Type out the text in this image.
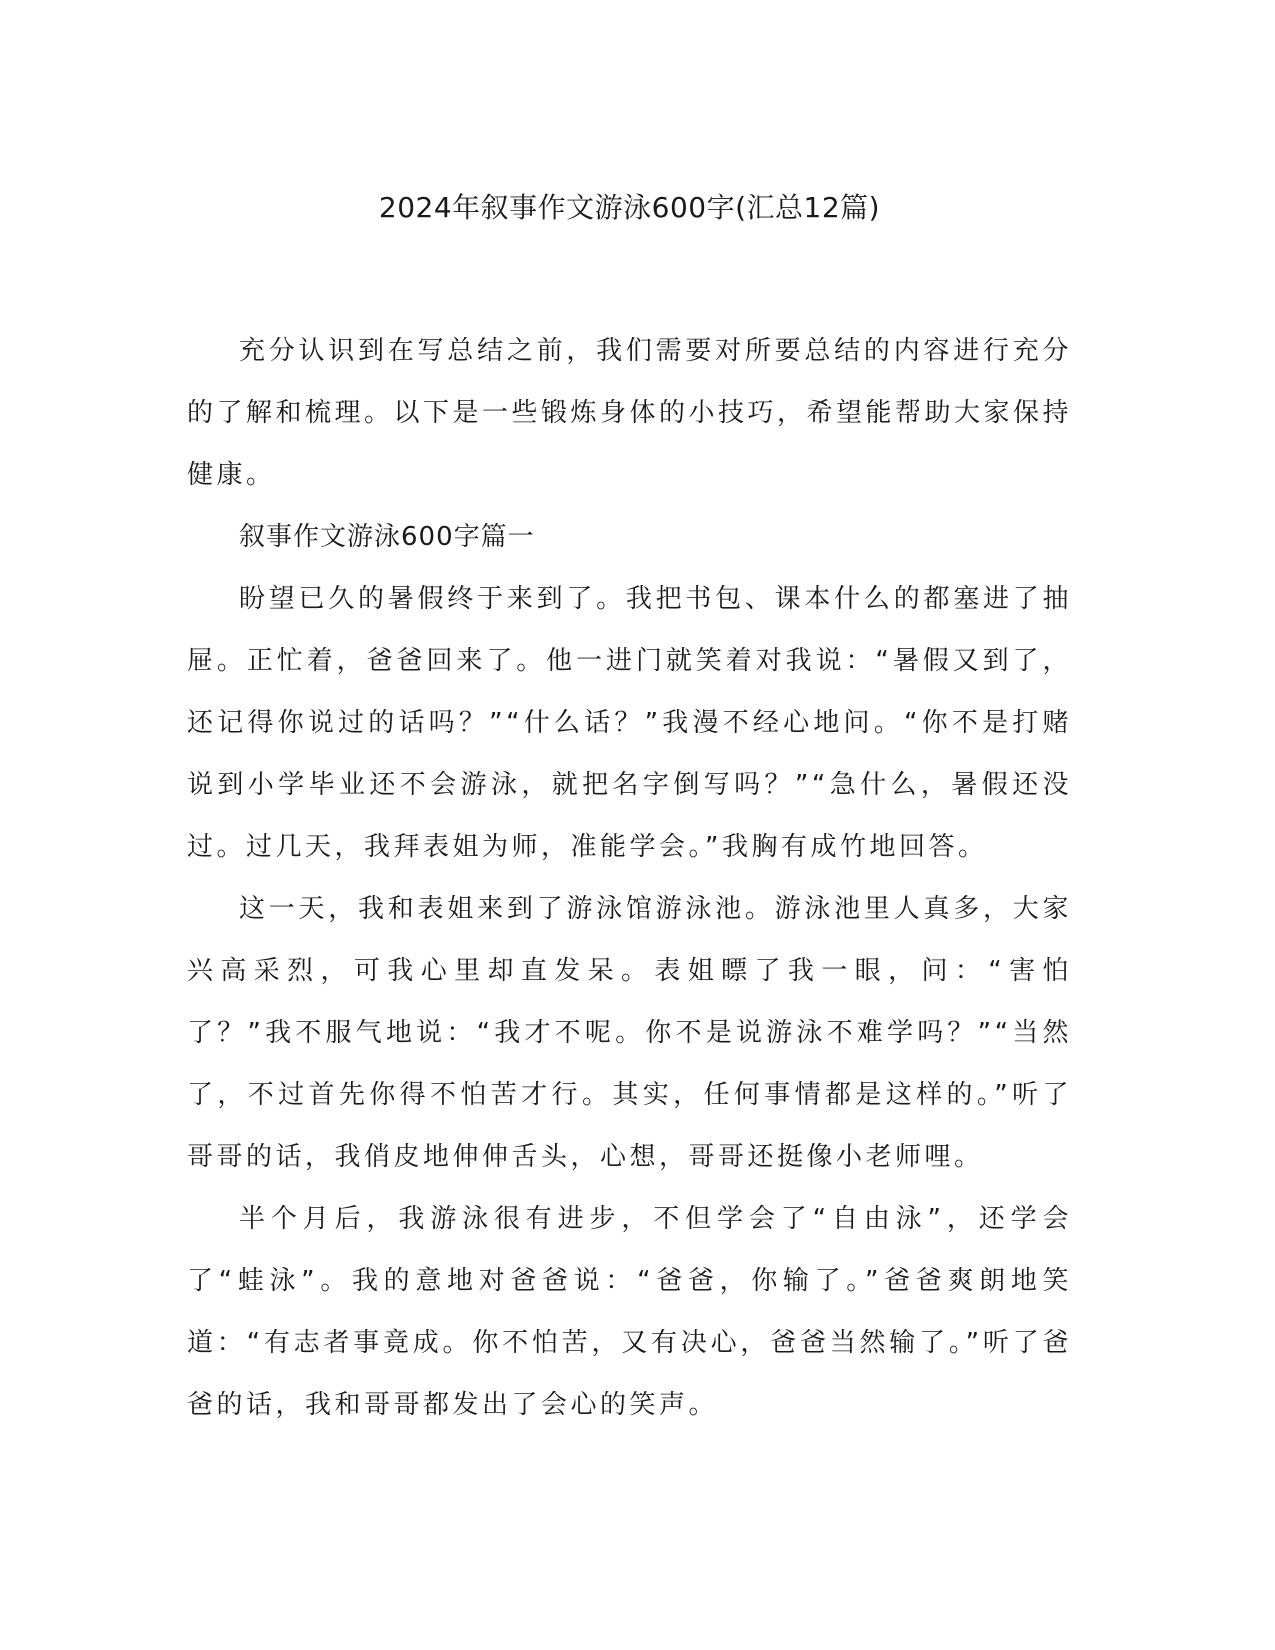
2024年叙事作文游泳600字(汇总12篇)

充分认识到在写总结之前，我们需要对所要总结的内容进行充分的了解和梳理。以下是一些锻炼身体的小技巧，希望能帮助大家保持健康。

叙事作文游泳600字篇一

盼望已久的暑假终于来到了。我把书包、课本什么的都塞进了抽屉。正忙着，爸爸回来了。他一进门就笑着对我说：“暑假又到了，还记得你说过的话吗？”“什么话？”我漫不经心地问。“你不是打赌说到小学毕业还不会游泳，就把名字倒写吗？”“急什么，暑假还没过。过几天，我拜表姐为师，准能学会。”我胸有成竹地回答。

这一天，我和表姐来到了游泳馆游泳池。游泳池里人真多，大家兴高采烈，可我心里却直发呆。表姐瞟了我一眼，问：“害怕了？”我不服气地说：“我才不呢。你不是说游泳不难学吗？”“当然了，不过首先你得不怕苦才行。其实，任何事情都是这样的。”听了哥哥的话，我俏皮地伸伸舌头，心想，哥哥还挺像小老师哩。

半个月后，我游泳很有进步，不但学会了“自由泳”，还学会了“蛙泳”。我的意地对爸爸说：“爸爸，你输了。”爸爸爽朗地笑道：“有志者事竟成。你不怕苦，又有决心，爸爸当然输了。”听了爸爸的话，我和哥哥都发出了会心的笑声。
